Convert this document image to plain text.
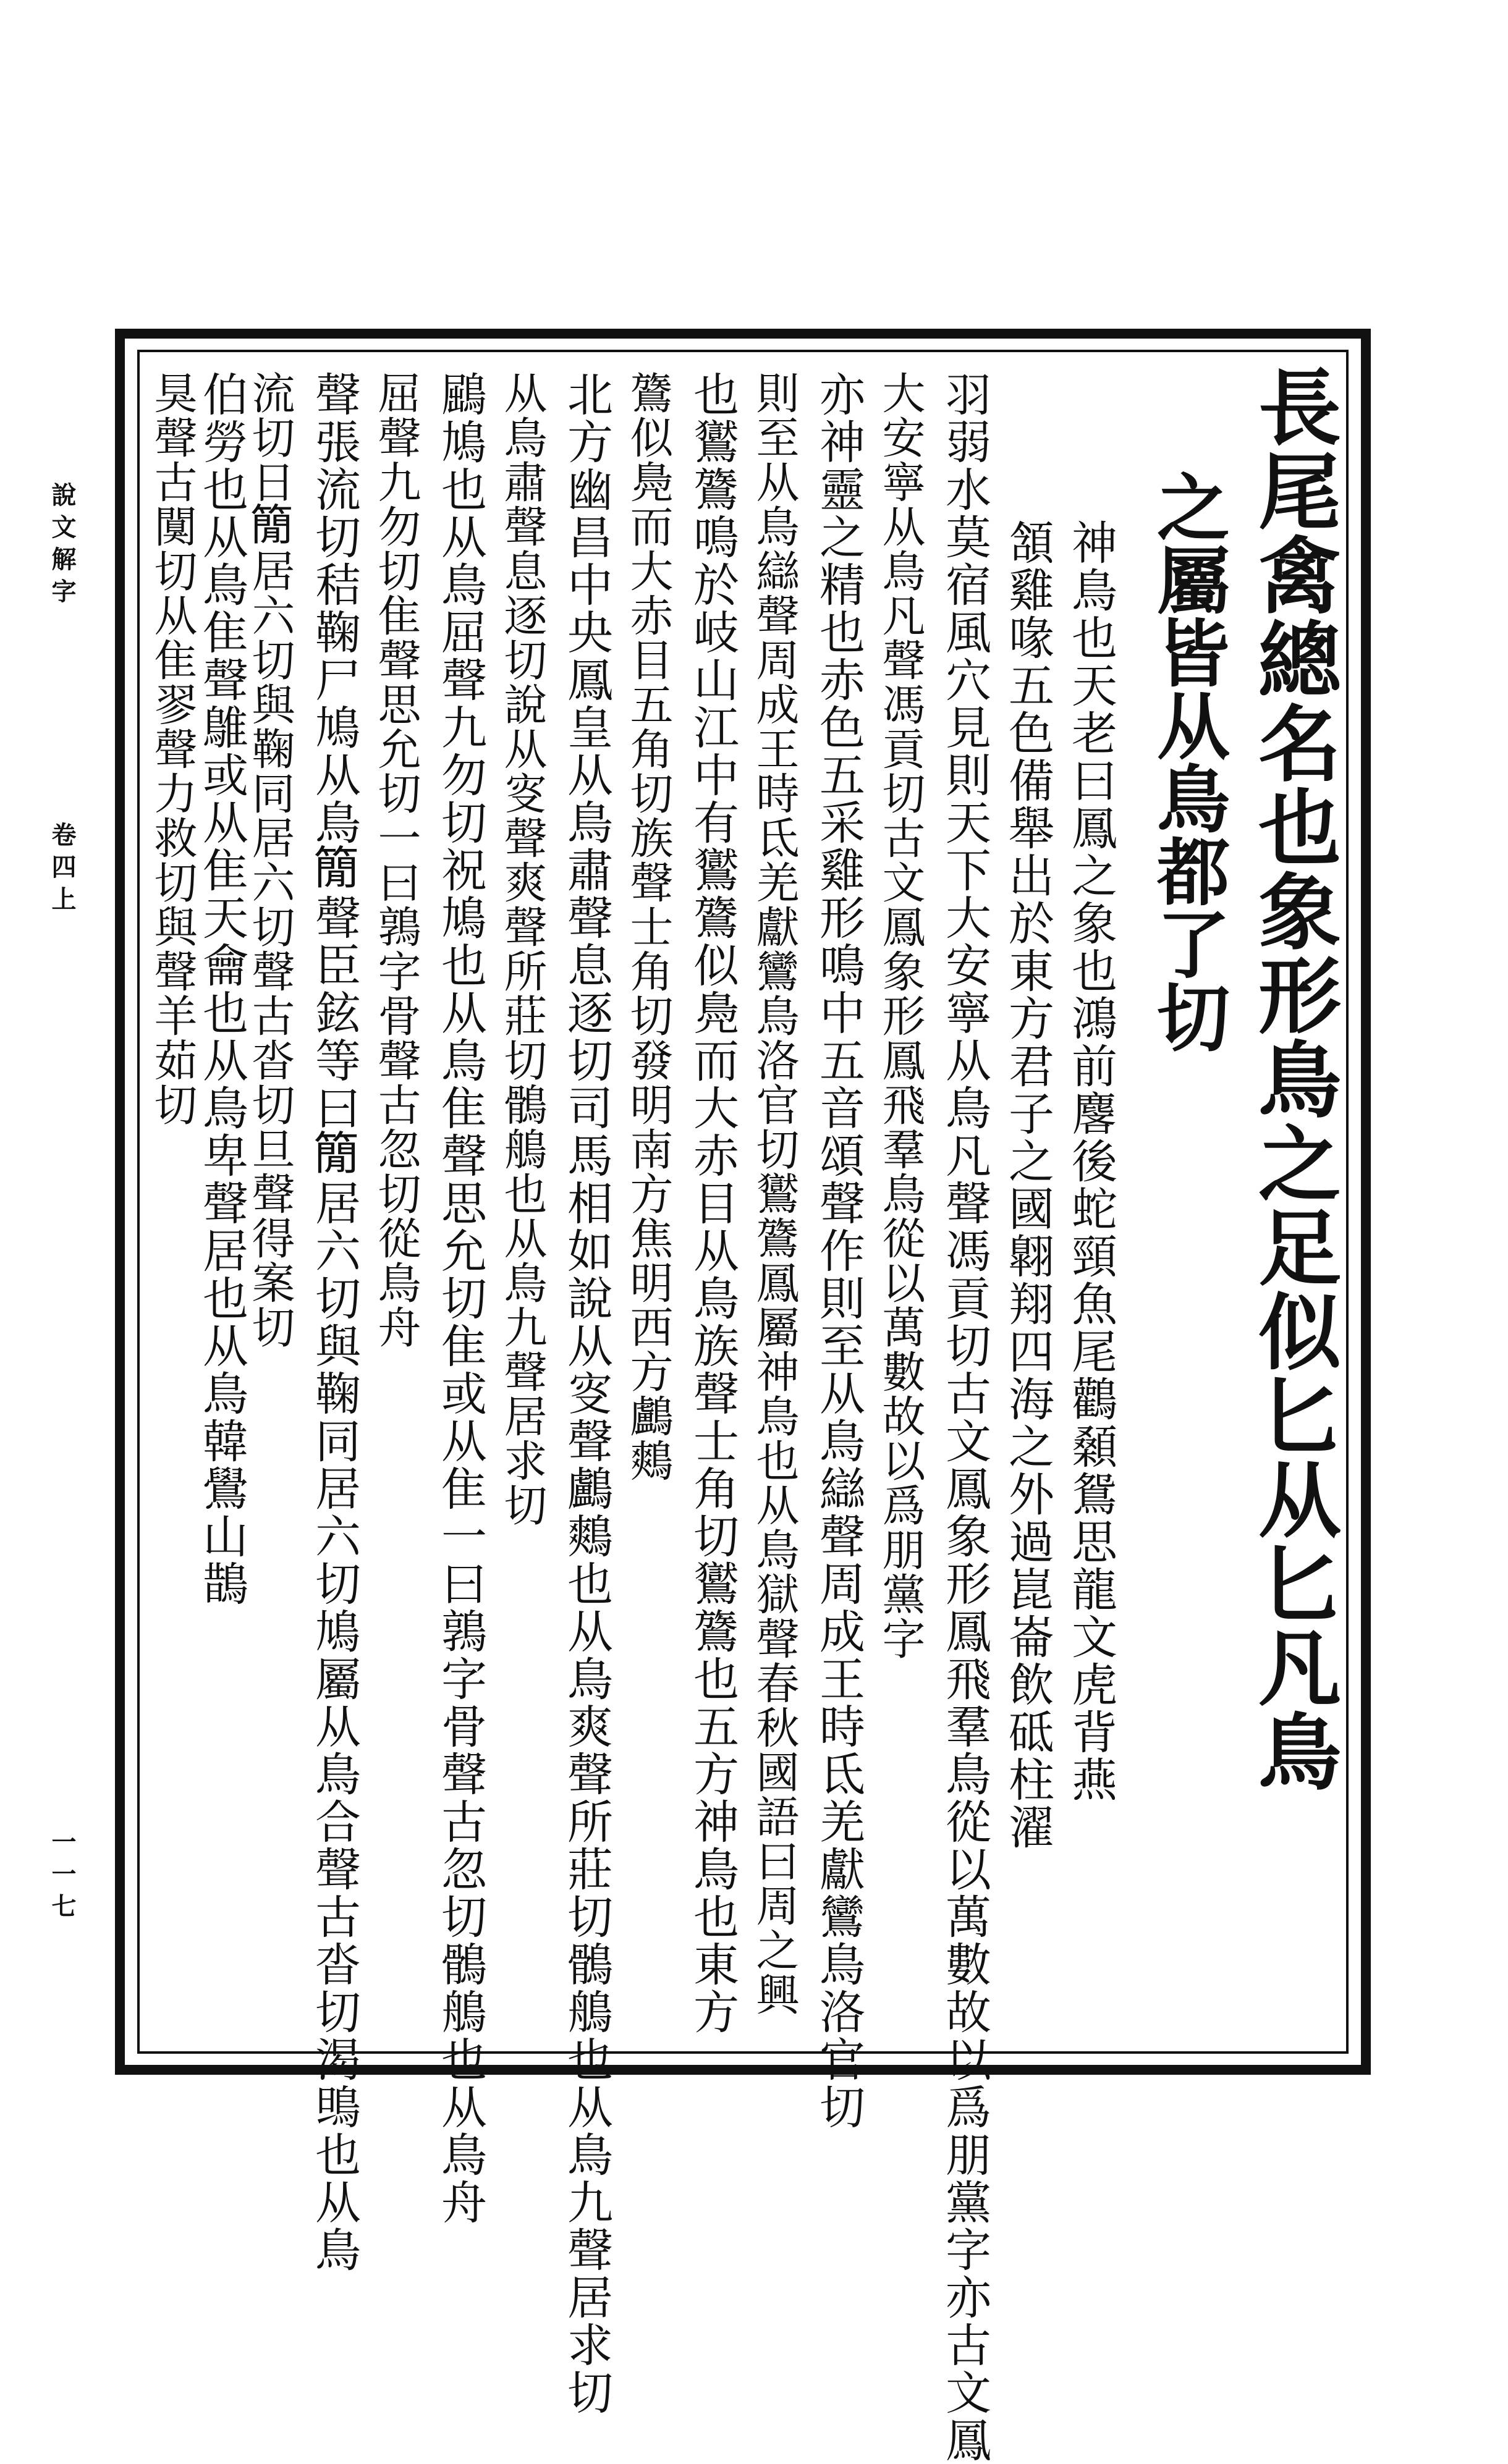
說文解字
卷四上
一一七
長尾禽總名也象形鳥之足似匕从匕凡鳥
之屬皆从鳥都了切
神鳥也天老曰鳳之象也鴻前麐後蛇頸魚尾鸛顙鴛思龍文虎背燕
頷雞喙五色備舉出於東方君子之國翺翔四海之外過崑崙飲砥柱濯
羽弱水莫宿風穴見則天下大安寧从鳥凡聲馮貢切古文鳳象形鳳飛羣鳥從以萬數故以爲朋黨字亦古文鳳
大安寧从鳥凡聲馮貢切古文鳳象形鳳飛羣鳥從以萬數故以爲朋黨字
亦神靈之精也赤色五采雞形鳴中五音頌聲作則至从鳥䜌聲周成王時氐羌獻鸞鳥洛官切
則至从鳥䜌聲周成王時氐羌獻鸞鳥洛官切鸑鷟鳳屬神鳥也从鳥獄聲春秋國語曰周之興
也鸑鷟鳴於岐山江中有鸑鷟似鳧而大赤目从鳥族聲士角切鸑鷟也五方神鳥也東方
鷟似鳧而大赤目五角切族聲士角切發明南方焦明西方鸕鷞
北方幽昌中央鳳皇从鳥肅聲息逐切司馬相如說从叜聲鸕鷞也从鳥爽聲所莊切鶻鵃也从鳥九聲居求切
从鳥肅聲息逐切說从叜聲爽聲所莊切鶻鵃也从鳥九聲居求切
鶌鳩也从鳥屈聲九勿切祝鳩也从鳥隹聲思允切隹或从隹一曰鶉字骨聲古忽切鶻鵃也从鳥舟
屈聲九勿切隹聲思允切一曰鶉字骨聲古忽切從鳥舟
聲張流切秸鞠尸鳩从鳥𥳑聲臣鉉等曰𥳑居六切與鞠同居六切鳩屬从鳥合聲古沓切渴鴠也从鳥
流切日𥳑居六切與鞠同居六切聲古沓切旦聲得案切
伯勞也从鳥隹聲鵻或从隹天龠也从鳥卑聲居也从鳥韓鷽山鵲
狊聲古闃切从隹翏聲力救切與聲羊茹切
